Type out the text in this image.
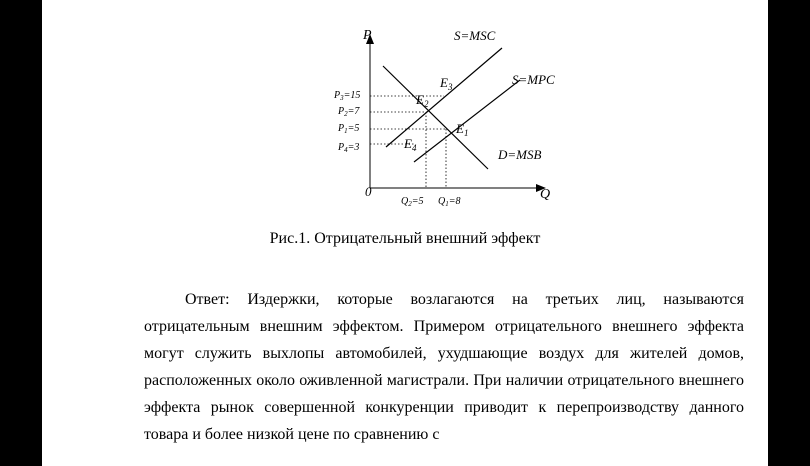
P
Q
0
S=MSC
S=MPC
D=MSB
$E_3$
$E_2$
$E_1$
$E_4$
$P_3=15$
$P_2=7$
$P_1=5$
$P_4=3$
$Q_2=5$ $Q_1=8$
Рис.1. Отрицательный внешний эффект

Ответ: Издержки, которые возлагаются на третьих лиц, называются отрицательным внешним эффектом. Примером отрицательного внешнего эффекта могут служить выхлопы автомобилей, ухудшающие воздух для жителей домов, расположенных около оживленной магистрали. При наличии отрицательного внешнего эффекта рынок совершенной конкуренции приводит к перепроизводству данного товара и более низкой цене по сравнению с
